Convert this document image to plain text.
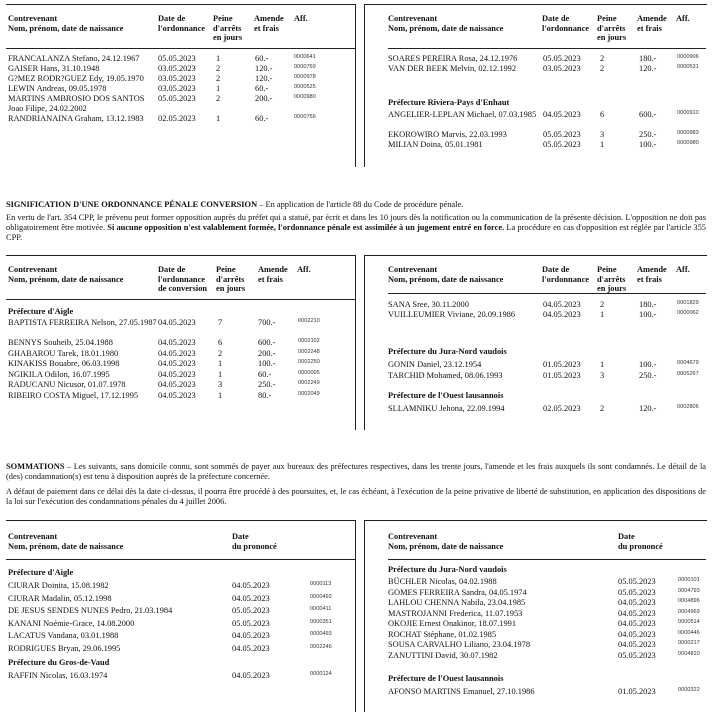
Contrevenant
Nom, prénom, date de naissance
Date de
l'ordonnance
Peine
d'arrêts
en jours
Amende
et frais
Aff.
FRANCALANZA Stefano, 24.12.1967	05.05.2023 1	60.-	0000641
GAISER Hans, 31.10.1948	03.05.2023 2	120.-	0000769
G?MEZ RODR?GUEZ Edy, 19.05.1970	03.05.2023 2	120.-	0000978
LEWIN Andreas, 09.05.1978	03.05.2023 1	60.-	0000525
MARTINS AMBROSIO DOS SANTOS Joao Filipe, 24.02.2002
05.05.2023 2	200.-	0000980
RANDRIANAINA Graham, 13.12.1983	02.05.2023 1	60.-	0000756
Contrevenant
Nom, prénom, date de naissance
Date de
l'ordonnance
Peine
d'arrêts
en jours
Amende
et frais
Aff.
SOARES PEREIRA Rosa, 24.12.1976	05.05.2023 2	180.-	0000906
VAN DER BEEK Melvin, 02.12.1992	03.05.2023 2	120.-	0000531
Préfecture Riviera-Pays d'Enhaut
ANGELIER-LEPLAN Michael, 07.03.1985 04.05.2023 6	600.-	0000910
EKOROWIRO Marvis, 22.03.1993	05.05.2023 3	250.-	0000983
MILIAN Doina, 05.01.1981	05.05.2023 1	100.-	0000980
SIGNIFICATION D'UNE ORDONNANCE PÉNALE CONVERSION – En application de l'article 88 du Code de procédure pénale.
En vertu de l'art. 354 CPP, le prévenu peut former opposition auprès du préfet qui a statué, par écrit et dans les 10 jours dès la notification ou la communication de la présente décision. L'opposition ne doit pas obligatoirement être motivée. Si aucune opposition n'est valablement formée, l'ordonnance pénale est assimilée à un jugement entré en force. La procédure en cas d'opposition est réglée par l'article 355 CPP.
Contrevenant
Nom, prénom, date de naissance
Date de
l'ordonnance
de conversion
Peine
d'arrêts
en jours
Amende
et frais
Aff.
Préfecture d'Aigle
BAPTISTA FERREIRA Nelson, 27.05.1987 04.05.2023	7	700.-	0002210
BENNYS Souheib, 25.04.1988	04.05.2023	6	600.-	0002102
GHABAROU Tarek, 18.01.1980	04.05.2023	2	200.-	0002248
KINAKISS Bouabre, 06.03.1998	04.05.2023	1	100.-	0002250
NGIKILA Odilon, 16.07.1995	04.05.2023	1	60.-	0000005
RADUCANU Nicusor, 01.07.1978	04.05.2023	3	250.-	0002249
RIBEIRO COSTA Miguel, 17.12.1995	04.05.2023	1	80.-	0002049
Contrevenant
Nom, prénom, date de naissance
Date de
l'ordonnance
Peine
d'arrêts
en jours
Amende
et frais
Aff.
SANA Sree, 30.11.2000	04.05.2023 2	180.-	0001829
VUILLEUMIER Viviane, 20.09.1986	04.05.2023 1	100.-	0000062
Préfecture du Jura-Nord vaudois
GONIN Daniel, 23.12.1954	01.05.2023 1	100.-	0004679
TARCHID Mohamed, 08.06.1993	01.05.2023 3	250.-	0005267
Préfecture de l'Ouest lausannois
SLLAMNIKU Jehona, 22.09.1994	02.05.2023 2	120.-	0002806
SOMMATIONS – Les suivants, sans domicile connu, sont sommés de payer aux bureaux des préfectures respectives, dans les trente jours, l'amende et les frais auxquels ils sont condamnés. Le détail de la (des) condamnation(s) est tenu à disposition auprès de la préfecture concernée.
A défaut de paiement dans ce délai dès la date ci-dessus, il pourra être procédé à des poursuites, et, le cas échéant, à l'exécution de la peine privative de liberté de substitution, en application des dispositions de la loi sur l'exécution des condamnations pénales du 4 juillet 2006.
Contrevenant
Nom, prénom, date de naissance
Date
du prononcé
Préfecture d'Aigle
CIURAR Doinita, 15.08.1982	04.05.2023	0000113
CIURAR Madalin, 05.12.1998	04.05.2023	0000492
DE JESUS SENDES NUNES Pedro, 21.03.1984	05.05.2023	0000411
KANANI Noémie-Grace, 14.08.2000	05.05.2023	0000351
LACATUS Vandana, 03.01.1988	04.05.2023	0000493
RODRIGUES Bryan, 29.06.1995	04.05.2023	0002246
Préfecture du Gros-de-Vaud
RAFFIN Nicolas, 16.03.1974	04.05.2023	0000124
Contrevenant
Nom, prénom, date de naissance
Date
du prononcé
Préfecture du Jura-Nord vaudois
BÜCHLER Nicolas, 04.02.1988	05.05.2023	0000101
GOMES FERREIRA Sandra, 04.05.1974	05.05.2023	0004793
LAHLOU CHENNA Nabila, 23.04.1985	04.05.2023	0004896
MASTROJANNI Frederica, 11.07.1953	04.05.2023	0004969
OKOJIE Ernest Onakinor, 18.07.1991	04.05.2023	0000514
ROCHAT Stéphane, 01.02.1985	04.05.2023	0000446
SOUSA CARVALHO Liliano, 23.04.1978	04.05.2023	0000217
ZANUTTINI David, 30.07.1982	05.05.2023	0004810
Préfecture de l'Ouest lausannois
AFONSO MARTINS Emanuel, 27.10.1986	01.05.2023	0000322
